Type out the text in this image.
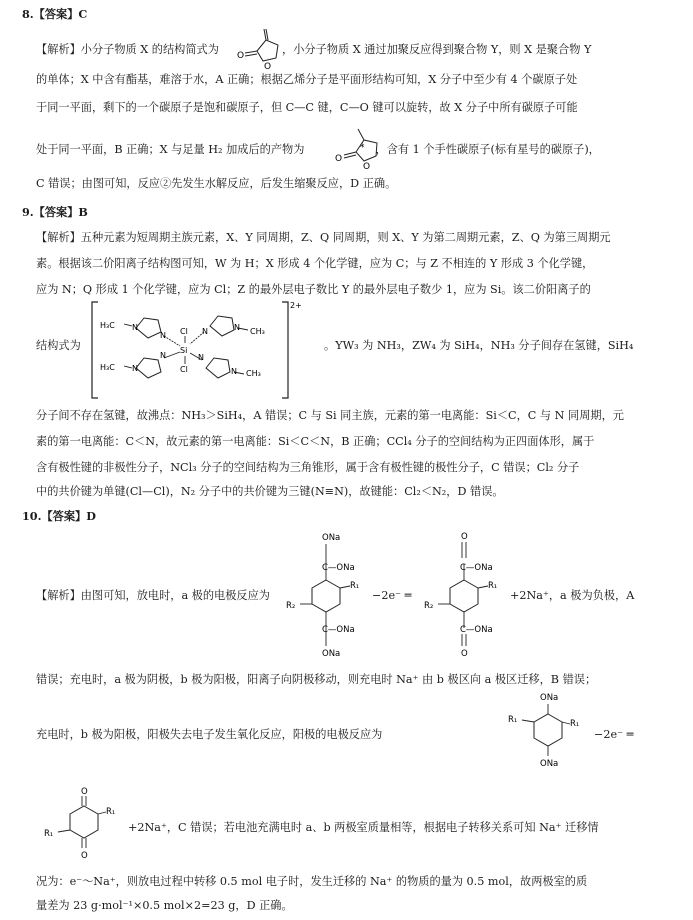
8.【答案】C
【解析】小分子物质 X 的结构简式为	，小分子物质 X 通过加聚反应得到聚合物 Y，则 X 是聚合物 Y
O
O
的单体；X 中含有酯基，难溶于水，A 正确；根据乙烯分子是平面形结构可知，X 分子中至少有 4 个碳原子处
于同一平面，剩下的一个碳原子是饱和碳原子，但 C—C 键，C—O 键可以旋转，故 X 分子中所有碳原子可能
处于同一平面，B 正确；X 与足量 H₂ 加成后的产物为	，含有 1 个手性碳原子(标有星号的碳原子)，
*
O
O
C 错误；由图可知，反应②先发生水解反应，后发生缩聚反应，D 正确。
9.【答案】B
【解析】五种元素为短周期主族元素，X、Y 同周期，Z、Q 同周期，则 X、Y 为第二周期元素，Z、Q 为第三周期元
素。根据该二价阳离子结构图可知，W 为 H；X 形成 4 个化学键，应为 C；与 Z 不相连的 Y 形成 3 个化学键，
应为 N；Q 形成 1 个化学键，应为 Cl；Z 的最外层电子数比 Y 的最外层电子数少 1，应为 Si。该二价阳离子的
结构式为
2+
H₃C N
N Cl N	N CH₃
H₃C N
N
Si
N
N
Cl	CH₃
。YW₃ 为 NH₃，ZW₄ 为 SiH₄，NH₃ 分子间存在氢键，SiH₄
分子间不存在氢键，故沸点：NH₃＞SiH₄，A 错误；C 与 Si 同主族，元素的第一电离能：Si＜C，C 与 N 同周期，元
素的第一电离能：C＜N，故元素的第一电离能：Si＜C＜N，B 正确；CCl₄ 分子的空间结构为正四面体形，属于
含有极性键的非极性分子，NCl₃ 分子的空间结构为三角锥形，属于含有极性键的极性分子，C 错误；Cl₂ 分子
中的共价键为单键(Cl—Cl)，N₂ 分子中的共价键为三键(N≡N)，故键能：Cl₂＜N₂，D 错误。
10.【答案】D
【解析】由图可知，放电时，a 极的电极反应为
ONa
C—ONa
R₁
R₂
C—ONa
ONa
−2e⁻ ═
O
C—ONa
R₁
R₂
C—ONa
O
+2Na⁺，a 极为负极，A
错误；充电时，a 极为阴极，b 极为阳极，阳离子向阴极移动，则充电时 Na⁺ 由 b 极区向 a 极区迁移，B 错误；
充电时，b 极为阳极，阳极失去电子发生氧化反应，阳极的电极反应为
ONa
R₁	R₁
ONa
−2e⁻ ═
O
R₁
R₁
O
+2Na⁺，C 错误；若电池充满电时 a、b 两极室质量相等，根据电子转移关系可知 Na⁺ 迁移情
况为：e⁻～Na⁺，则放电过程中转移 0.5 mol 电子时，发生迁移的 Na⁺ 的物质的量为 0.5 mol，故两极室的质
量差为 23 g·mol⁻¹×0.5 mol×2=23 g，D 正确。
